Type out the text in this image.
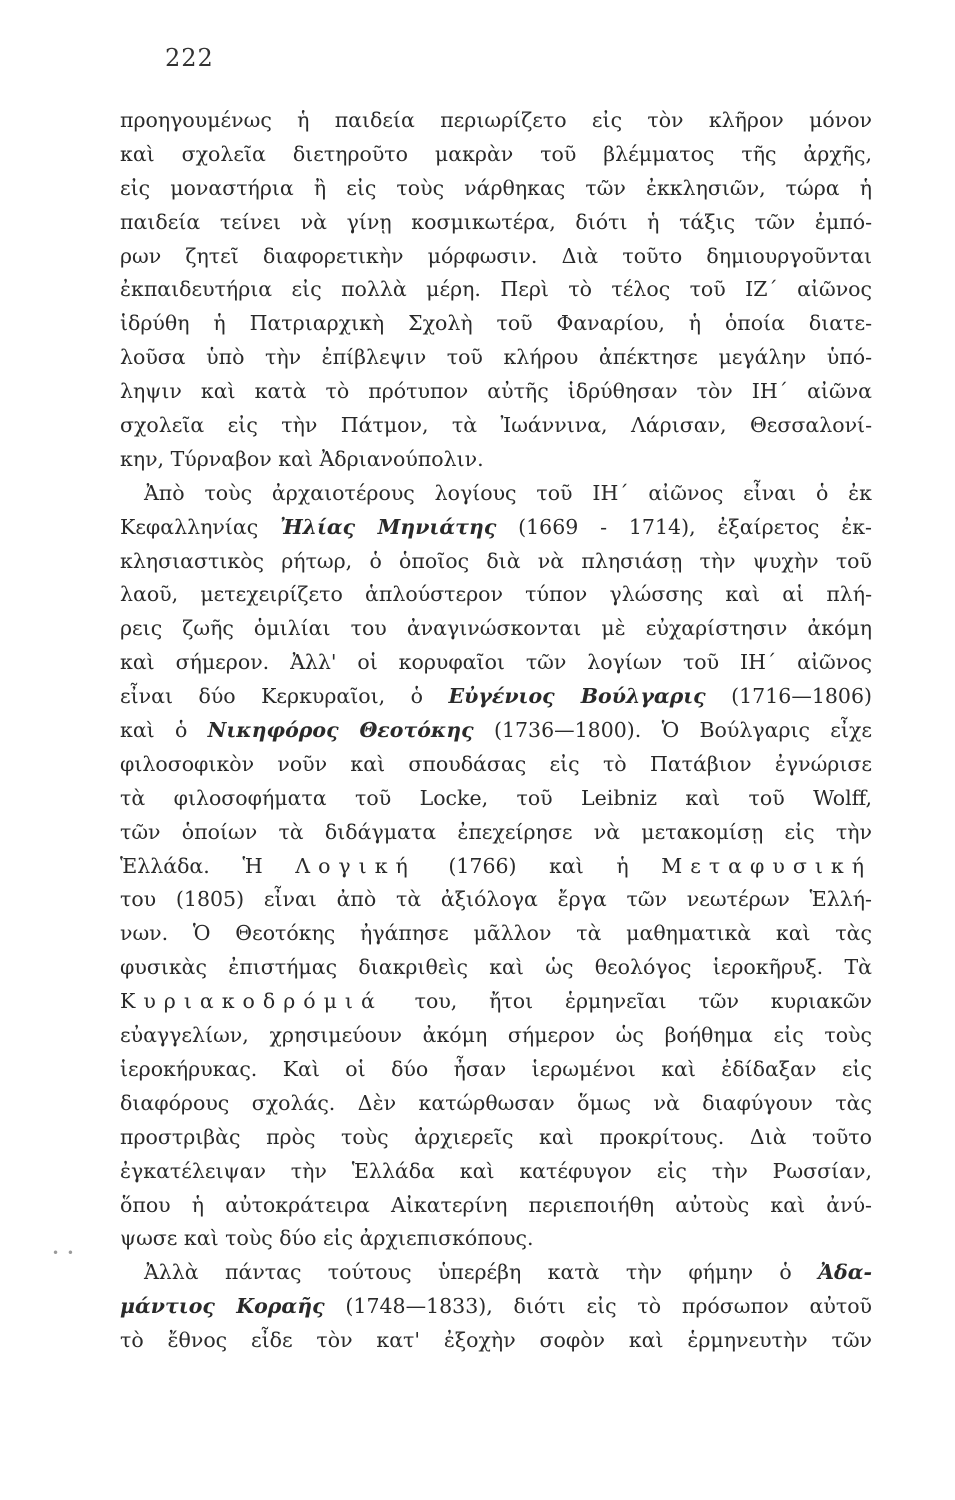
222
• •
προηγουμένως ἡ παιδεία περιωρίζετο εἰς τὸν κλῆρον μόνον
καὶ σχολεῖα διετηροῦτο μακρὰν τοῦ βλέμματος τῆς ἀρχῆς,
εἰς μοναστήρια ἢ εἰς τοὺς νάρθηκας τῶν ἐκκλησιῶν, τώρα ἡ
παιδεία τείνει νὰ γίνῃ κοσμικωτέρα, διότι ἡ τάξις τῶν ἐμπό-
ρων ζητεῖ διαφορετικὴν μόρφωσιν. Διὰ τοῦτο δημιουργοῦνται
ἐκπαιδευτήρια εἰς πολλὰ μέρη. Περὶ τὸ τέλος τοῦ ΙΖ΄ αἰῶνος
ἱδρύθη ἡ Πατριαρχικὴ Σχολὴ τοῦ Φαναρίου, ἡ ὁποία διατε-
λοῦσα ὑπὸ τὴν ἐπίβλεψιν τοῦ κλήρου ἀπέκτησε μεγάλην ὑπό-
ληψιν καὶ κατὰ τὸ πρότυπον αὐτῆς ἱδρύθησαν τὸν ΙΗ΄ αἰῶνα
σχολεῖα εἰς τὴν Πάτμον, τὰ Ἰωάννινα, Λάρισαν, Θεσσαλονί-
κην, Τύρναβον καὶ Ἀδριανούπολιν.
Ἀπὸ τοὺς ἀρχαιοτέρους λογίους τοῦ ΙΗ΄ αἰῶνος εἶναι ὁ ἐκ
Κεφαλληνίας Ἠλίας Μηνιάτης (1669 - 1714), ἐξαίρετος ἐκ-
κλησιαστικὸς ρήτωρ, ὁ ὁποῖος διὰ νὰ πλησιάσῃ τὴν ψυχὴν τοῦ
λαοῦ, μετεχειρίζετο ἁπλούστερον τύπον γλώσσης καὶ αἱ πλή-
ρεις ζωῆς ὁμιλίαι του ἀναγινώσκονται μὲ εὐχαρίστησιν ἀκόμη
καὶ σήμερον. Ἀλλ' οἱ κορυφαῖοι τῶν λογίων τοῦ ΙΗ΄ αἰῶνος
εἶναι δύο Κερκυραῖοι, ὁ Εὐγένιος Βούλγαρις (1716—1806)
καὶ ὁ Νικηφόρος Θεοτόκης (1736—1800). Ὁ Βούλγαρις εἶχε
φιλοσοφικὸν νοῦν καὶ σπουδάσας εἰς τὸ Πατάβιον ἐγνώρισε
τὰ φιλοσοφήματα τοῦ Locke, τοῦ Leibniz καὶ τοῦ Wolff,
τῶν ὁποίων τὰ διδάγματα ἐπεχείρησε νὰ μετακομίσῃ εἰς τὴν
Ἑλλάδα. Ἡ Λογική (1766) καὶ ἡ Μεταφυσική
του (1805) εἶναι ἀπὸ τὰ ἀξιόλογα ἔργα τῶν νεωτέρων Ἑλλή-
νων. Ὁ Θεοτόκης ἠγάπησε μᾶλλον τὰ μαθηματικὰ καὶ τὰς
φυσικὰς ἐπιστήμας διακριθεὶς καὶ ὡς θεολόγος ἱεροκῆρυξ. Τὰ
Κυριακοδρόμιά του, ἤτοι ἑρμηνεῖαι τῶν κυριακῶν
εὐαγγελίων, χρησιμεύουν ἀκόμη σήμερον ὡς βοήθημα εἰς τοὺς
ἱεροκήρυκας. Καὶ οἱ δύο ἦσαν ἱερωμένοι καὶ ἐδίδαξαν εἰς
διαφόρους σχολάς. Δὲν κατώρθωσαν ὅμως νὰ διαφύγουν τὰς
προστριβὰς πρὸς τοὺς ἀρχιερεῖς καὶ προκρίτους. Διὰ τοῦτο
ἐγκατέλειψαν τὴν Ἑλλάδα καὶ κατέφυγον εἰς τὴν Ρωσσίαν,
ὅπου ἡ αὐτοκράτειρα Αἰκατερίνη περιεποιήθη αὐτοὺς καὶ ἀνύ-
ψωσε καὶ τοὺς δύο εἰς ἀρχιεπισκόπους.
Ἀλλὰ πάντας τούτους ὑπερέβη κατὰ τὴν φήμην ὁ Ἀδα-
μάντιος Κοραῆς (1748—1833), διότι εἰς τὸ πρόσωπον αὐτοῦ
τὸ ἔθνος εἶδε τὸν κατ' ἐξοχὴν σοφὸν καὶ ἑρμηνευτὴν τῶν
